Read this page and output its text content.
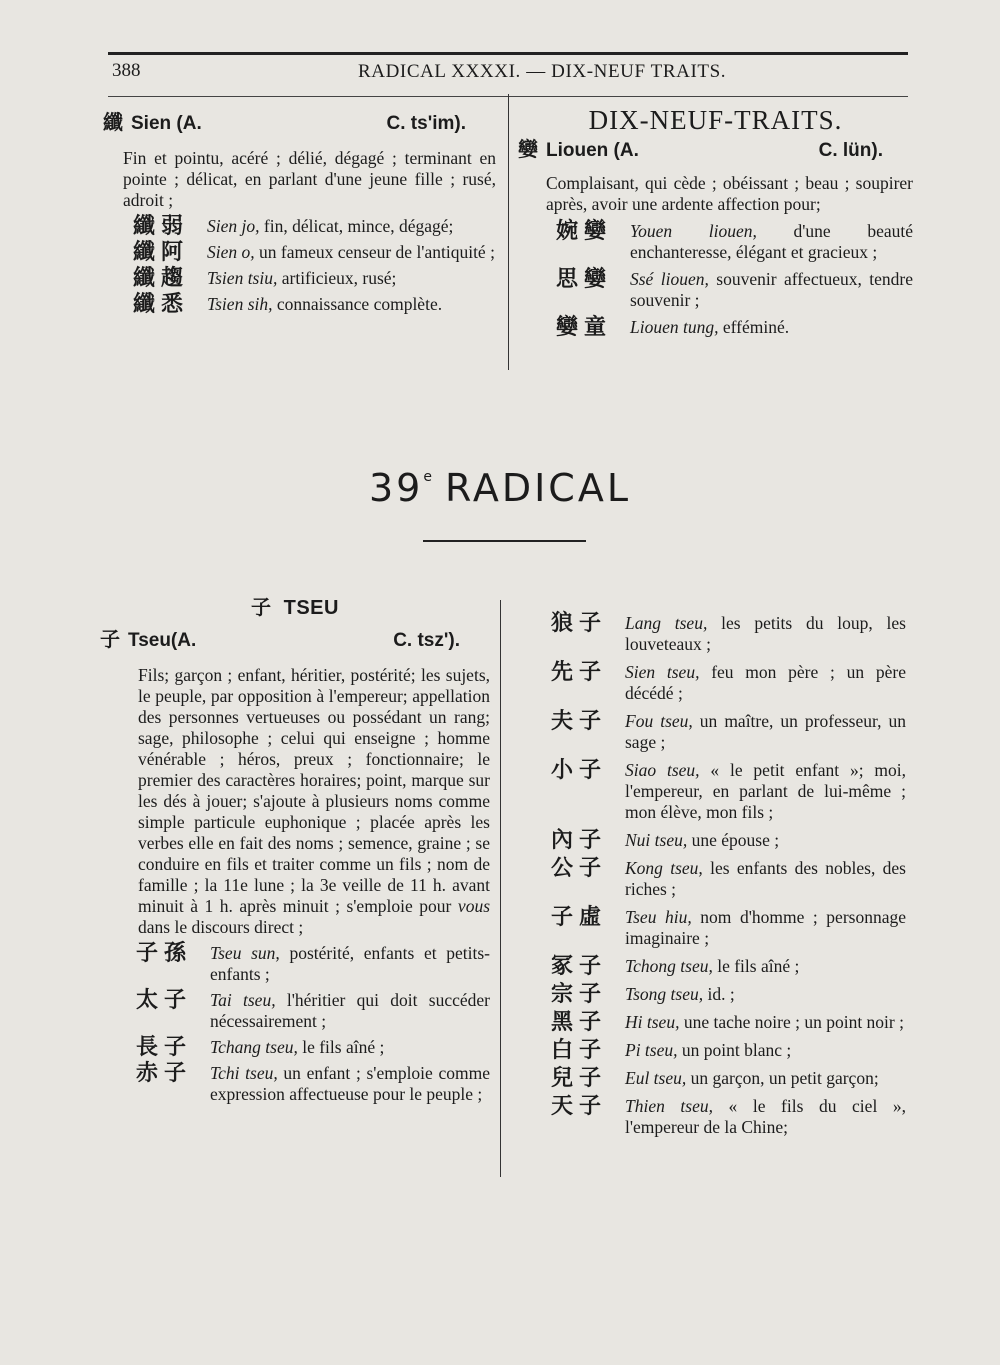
388	RADICAL XXXXI. — DIX-NEUF TRAITS.
纖 Sien (A.	C. ts'im).
Fin et pointu, acéré ; délié, dégagé ; terminant en pointe ; délicat, en parlant d'une jeune fille ; rusé, adroit ;
纖弱	Sien jo, fin, délicat, mince, dégagé;
纖阿	Sien o, un fameux censeur de l'antiquité ;
纖趨	Tsien tsiu, artificieux, rusé;
纖悉	Tsien sih, connaissance complète.
DIX-NEUF-TRAITS.
孌 Liouen (A.	C. lün).
Complaisant, qui cède ; obéissant ; beau ; soupirer après, avoir une ardente affection pour;
婉孌	Youen liouen, d'une beauté enchanteresse, élégant et gracieux ;
思孌	Ssé liouen, souvenir affectueux, tendre souvenir ;
孌童	Liouen tung, efféminé.
39e RADICAL
子 TSEU
子 Tseu(A.	C. tsz').
Fils; garçon ; enfant, héritier, postérité; les sujets, le peuple, par opposition à l'empereur; appellation des personnes vertueuses ou possédant un rang; sage, philosophe ; celui qui enseigne ; homme vénérable ; héros, preux ; fonctionnaire; le premier des caractères horaires; point, marque sur les dés à jouer; s'ajoute à plusieurs noms comme simple particule euphonique ; placée après les verbes elle en fait des noms ; semence, graine ; se conduire en fils et traiter comme un fils ; nom de famille ; la 11e lune ; la 3e veille de 11 h. avant minuit à 1 h. après minuit ; s'emploie pour vous dans le discours direct ;
子孫	Tseu sun, postérité, enfants et petits-enfants ;
太子	Tai tseu, l'héritier qui doit succéder nécessairement ;
長子	Tchang tseu, le fils aîné ;
赤子	Tchi tseu, un enfant ; s'emploie comme expression affectueuse pour le peuple ;
狼子	Lang tseu, les petits du loup, les louveteaux ;
先子	Sien tseu, feu mon père ; un père décédé ;
夫子	Fou tseu, un maître, un professeur, un sage ;
小子	Siao tseu, « le petit enfant »; moi, l'empereur, en parlant de lui-même ; mon élève, mon fils ;
內子	Nui tseu, une épouse ;
公子	Kong tseu, les enfants des nobles, des riches ;
子虛	Tseu hiu, nom d'homme ; personnage imaginaire ;
冢子	Tchong tseu, le fils aîné ;
宗子	Tsong tseu, id. ;
黑子	Hi tseu, une tache noire ; un point noir ;
白子	Pi tseu, un point blanc ;
兒子	Eul tseu, un garçon, un petit garçon;
天子	Thien tseu, « le fils du ciel », l'empereur de la Chine;
